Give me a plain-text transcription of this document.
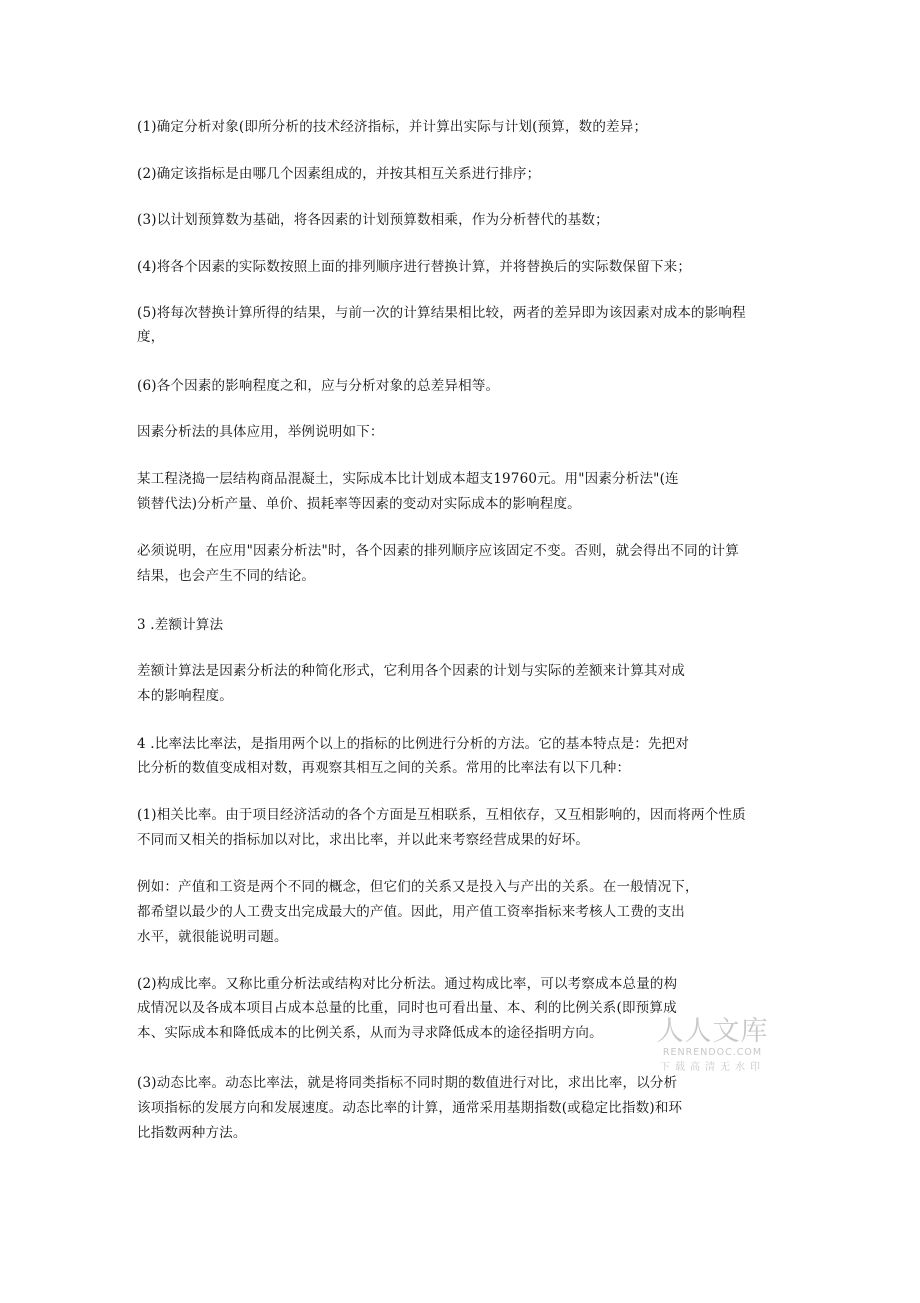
(1)确定分析对象(即所分析的技术经济指标，并计算出实际与计划(预算，数的差异；
(2)确定该指标是由哪几个因素组成的，并按其相互关系进行排序；
(3)以计划预算数为基础，将各因素的计划预算数相乘，作为分析替代的基数；
(4)将各个因素的实际数按照上面的排列顺序进行替换计算，并将替换后的实际数保留下来；
(5)将每次替换计算所得的结果，与前一次的计算结果相比较，两者的差异即为该因素对成本的影响程
度，
(6)各个因素的影响程度之和，应与分析对象的总差异相等。
因素分析法的具体应用，举例说明如下：
某工程浇捣一层结构商品混凝土，实际成本比计划成本超支19760元。用"因素分析法"(连
锁替代法)分析产量、单价、损耗率等因素的变动对实际成本的影响程度。
必须说明，在应用"因素分析法"时，各个因素的排列顺序应该固定不变。否则，就会得出不同的计算
结果，也会产生不同的结论。
3 .差额计算法
差额计算法是因素分析法的种简化形式，它利用各个因素的计划与实际的差额来计算其对成
本的影响程度。
4 .比率法比率法，是指用两个以上的指标的比例进行分析的方法。它的基本特点是：先把对
比分析的数值变成相对数，再观察其相互之间的关系。常用的比率法有以下几种：
(1)相关比率。由于项目经济活动的各个方面是互相联系，互相依存，又互相影响的，因而将两个性质
不同而又相关的指标加以对比，求出比率，并以此来考察经营成果的好坏。
例如：产值和工资是两个不同的概念，但它们的关系又是投入与产出的关系。在一般情况下，
都希望以最少的人工费支出完成最大的产值。因此，用产值工资率指标来考核人工费的支出
水平，就很能说明司题。
(2)构成比率。又称比重分析法或结构对比分析法。通过构成比率，可以考察成本总量的构
成情况以及各成本项目占成本总量的比重，同时也可看出量、本、利的比例关系(即预算成
本、实际成本和降低成本的比例关系，从而为寻求降低成本的途径指明方向。
(3)动态比率。动态比率法，就是将同类指标不同时期的数值进行对比，求出比率，以分析
该项指标的发展方向和发展速度。动态比率的计算，通常采用基期指数(或稳定比指数)和环
比指数两种方法。
人人文库
RENRENDOC.COM
下载高清无水印
